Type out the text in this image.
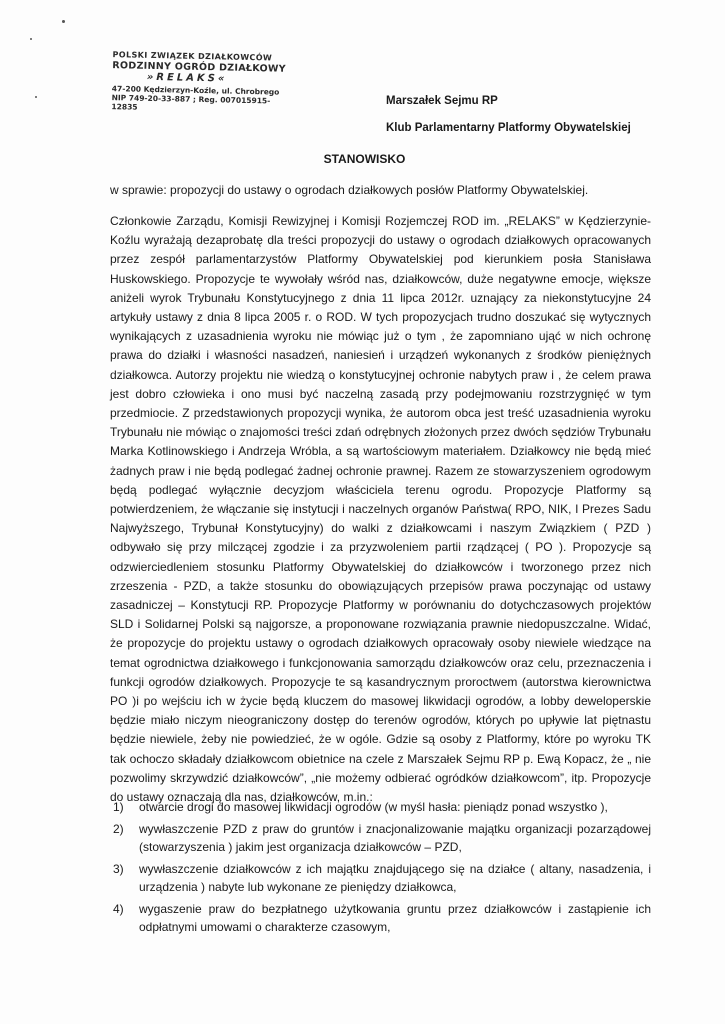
POLSKI ZWIĄZEK DZIAŁKOWCÓW
RODZINNY OGRÓD DZIAŁKOWY
»RELAKS«
47-200 Kędzierzyn-Koźle, ul. Chrobrego
NIP 749-20-33-887 ; Reg. 007015915-12835	Marszałek Sejmu RP
Klub Parlamentarny Platformy Obywatelskiej
STANOWISKO
w sprawie: propozycji do ustawy o ogrodach działkowych posłów Platformy Obywatelskiej.

Członkowie Zarządu, Komisji Rewizyjnej i Komisji Rozjemczej ROD im. „RELAKS” w Kędzierzynie-Koźlu wyrażają dezaprobatę dla treści propozycji do ustawy o ogrodach działkowych opracowanych przez zespół parlamentarzystów Platformy Obywatelskiej pod kierunkiem posła Stanisława Huskowskiego. Propozycje te wywołały wśród nas, działkowców, duże negatywne emocje, większe aniżeli wyrok Trybunału Konstytucyjnego z dnia 11 lipca 2012r. uznający za niekonstytucyjne 24 artykuły ustawy z dnia 8 lipca 2005 r. o ROD. W tych propozycjach trudno doszukać się wytycznych wynikających z uzasadnienia wyroku nie mówiąc już o tym , że zapomniano ująć w nich ochronę prawa do działki i własności nasadzeń, naniesień i urządzeń wykonanych z środków pieniężnych działkowca. Autorzy projektu nie wiedzą o konstytucyjnej ochronie nabytych praw i , że celem prawa jest dobro człowieka i ono musi być naczelną zasadą przy podejmowaniu rozstrzygnięć w tym przedmiocie. Z przedstawionych propozycji wynika, że autorom obca jest treść uzasadnienia wyroku Trybunału nie mówiąc o znajomości treści zdań odrębnych złożonych przez dwóch sędziów Trybunału Marka Kotlinowskiego i Andrzeja Wróbla, a są wartościowym materiałem. Działkowcy nie będą mieć żadnych praw i nie będą podlegać żadnej ochronie prawnej. Razem ze stowarzyszeniem ogrodowym będą podlegać wyłącznie decyzjom właściciela terenu ogrodu. Propozycje Platformy są potwierdzeniem, że włączanie się instytucji i naczelnych organów Państwa( RPO, NIK, I Prezes Sadu Najwyższego, Trybunał Konstytucyjny) do walki z działkowcami i naszym Związkiem ( PZD ) odbywało się przy milczącej zgodzie i za przyzwoleniem partii rządzącej ( PO ). Propozycje są odzwierciedleniem stosunku Platformy Obywatelskiej do działkowców i tworzonego przez nich zrzeszenia - PZD, a także stosunku do obowiązujących przepisów prawa poczynając od ustawy zasadniczej – Konstytucji RP. Propozycje Platformy w porównaniu do dotychczasowych projektów SLD i Solidarnej Polski są najgorsze, a proponowane rozwiązania prawnie niedopuszczalne. Widać, że propozycje do projektu ustawy o ogrodach działkowych opracowały osoby niewiele wiedzące na temat ogrodnictwa działkowego i funkcjonowania samorządu działkowców oraz celu, przeznaczenia i funkcji ogrodów działkowych. Propozycje te są kasandrycznym proroctwem (autorstwa kierownictwa PO )i po wejściu ich w życie będą kluczem do masowej likwidacji ogrodów, a lobby deweloperskie będzie miało niczym nieograniczony dostęp do terenów ogrodów, których po upływie lat piętnastu będzie niewiele, żeby nie powiedzieć, że w ogóle. Gdzie są osoby z Platformy, które po wyroku TK tak ochoczo składały działkowcom obietnice na czele z Marszałek Sejmu RP p. Ewą Kopacz, że „ nie pozwolimy skrzywdzić działkowców”, „nie możemy odbierać ogródków działkowcom”, itp. Propozycje do ustawy oznaczają dla nas, działkowców, m.in.:

1) otwarcie drogi do masowej likwidacji ogrodów (w myśl hasła: pieniądz ponad wszystko ),
2) wywłaszczenie PZD z praw do gruntów i znacjonalizowanie majątku organizacji pozarządowej (stowarzyszenia ) jakim jest organizacja działkowców – PZD,
3) wywłaszczenie działkowców z ich majątku znajdującego się na działce ( altany, nasadzenia, i urządzenia ) nabyte lub wykonane ze pieniędzy działkowca,
4) wygaszenie praw do bezpłatnego użytkowania gruntu przez działkowców i zastąpienie ich odpłatnymi umowami o charakterze czasowym,
